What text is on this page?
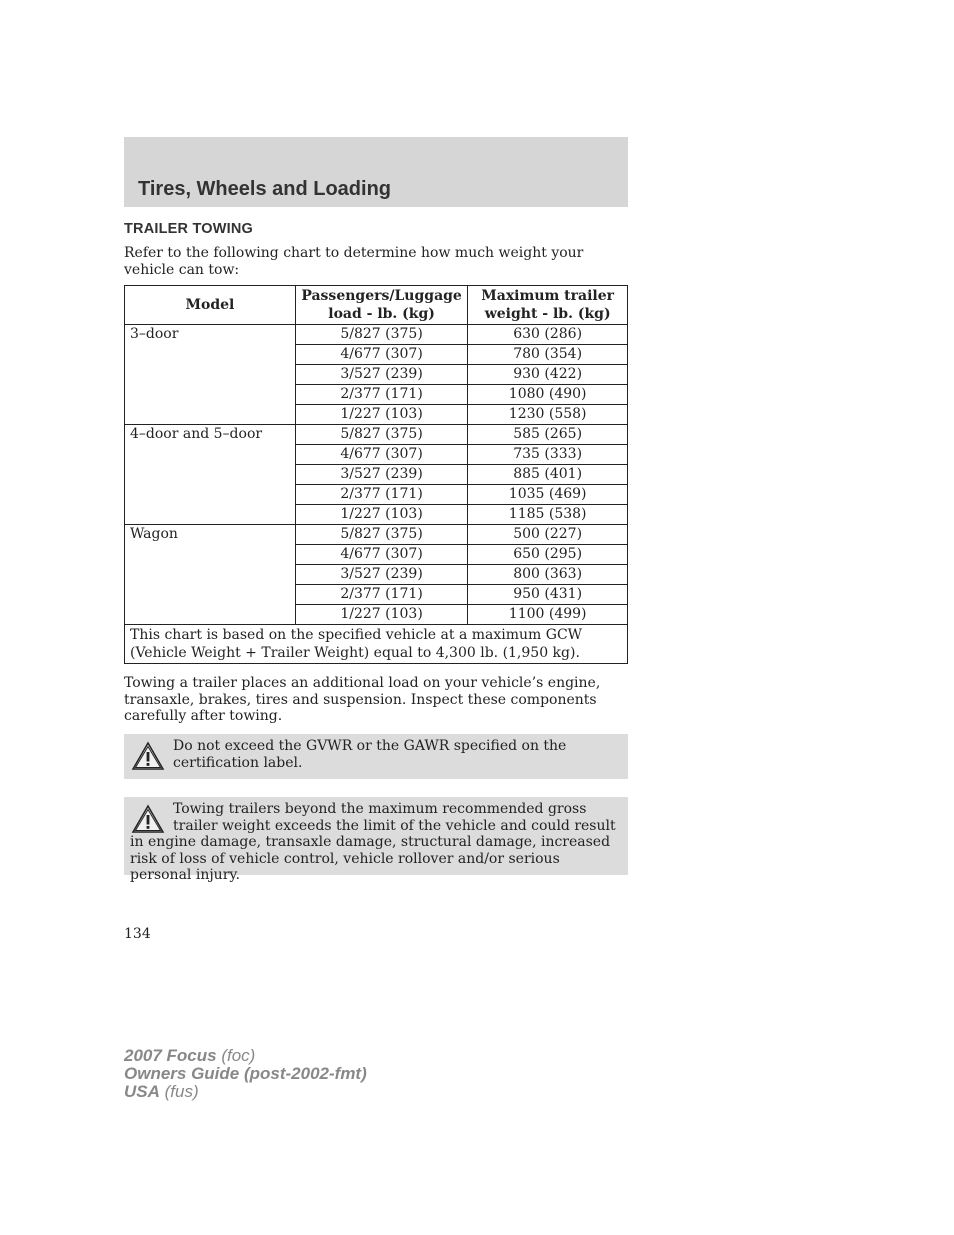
Tires, Wheels and Loading
TRAILER TOWING

Refer to the following chart to determine how much weight your vehicle can tow:

Model	Passengers/Luggage load - lb. (kg)	Maximum trailer weight - lb. (kg)
3–door	5/827 (375)	630 (286)
	4/677 (307)	780 (354)
	3/527 (239)	930 (422)
	2/377 (171)	1080 (490)
	1/227 (103)	1230 (558)
4–door and 5–door	5/827 (375)	585 (265)
	4/677 (307)	735 (333)
	3/527 (239)	885 (401)
	2/377 (171)	1035 (469)
	1/227 (103)	1185 (538)
Wagon	5/827 (375)	500 (227)
	4/677 (307)	650 (295)
	3/527 (239)	800 (363)
	2/377 (171)	950 (431)
	1/227 (103)	1100 (499)
This chart is based on the specified vehicle at a maximum GCW (Vehicle Weight + Trailer Weight) equal to 4,300 lb. (1,950 kg).		

Towing a trailer places an additional load on your vehicle’s engine, transaxle, brakes, tires and suspension. Inspect these components carefully after towing.

Do not exceed the GVWR or the GAWR specified on the certification label.
Towing trailers beyond the maximum recommended gross trailer weight exceeds the limit of the vehicle and could result in engine damage, transaxle damage, structural damage, increased risk of loss of vehicle control, vehicle rollover and/or serious personal injury.
134
2007 Focus (foc)
Owners Guide (post-2002-fmt)
USA (fus)
